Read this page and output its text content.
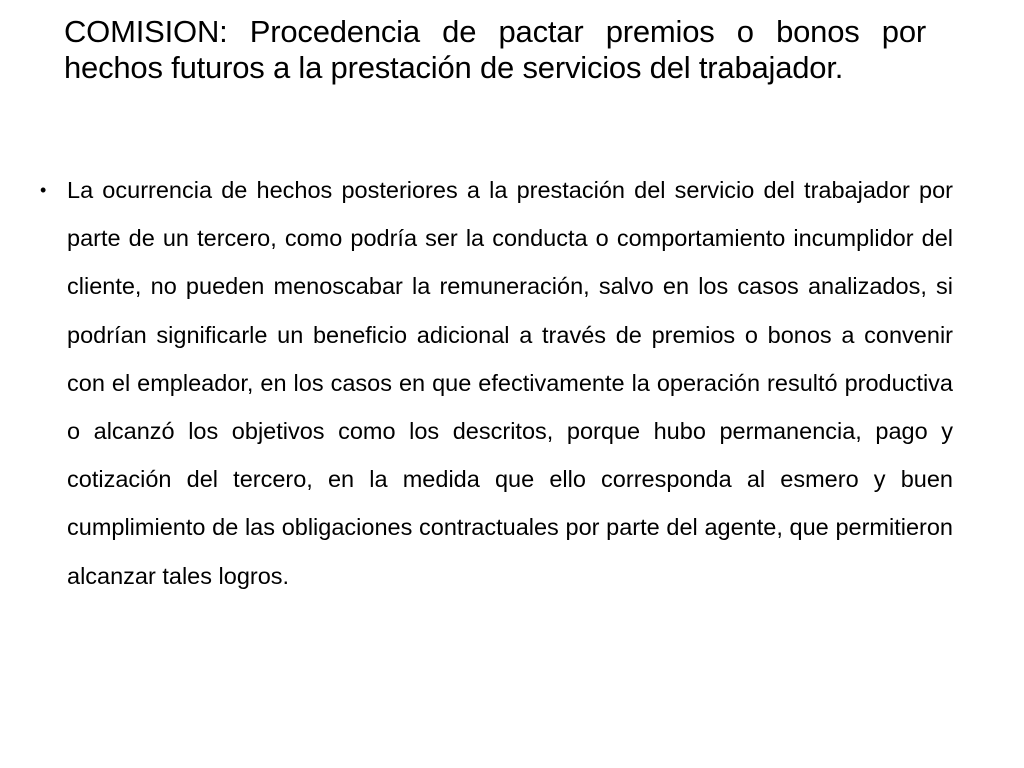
COMISION: Procedencia de pactar premios o bonos por hechos futuros a la prestación de servicios del trabajador.
• La ocurrencia de hechos posteriores a la prestación del servicio del trabajador por parte de un tercero, como podría ser la conducta o comportamiento incumplidor del cliente, no pueden menoscabar la remuneración, salvo en los casos analizados, si podrían significarle un beneficio adicional a través de premios o bonos a convenir con el empleador, en los casos en que efectivamente la operación resultó productiva o alcanzó los objetivos como los descritos, porque hubo permanencia, pago y cotización del tercero, en la medida que ello corresponda al esmero y buen cumplimiento de las obligaciones contractuales por parte del agente, que permitieron alcanzar tales logros.
